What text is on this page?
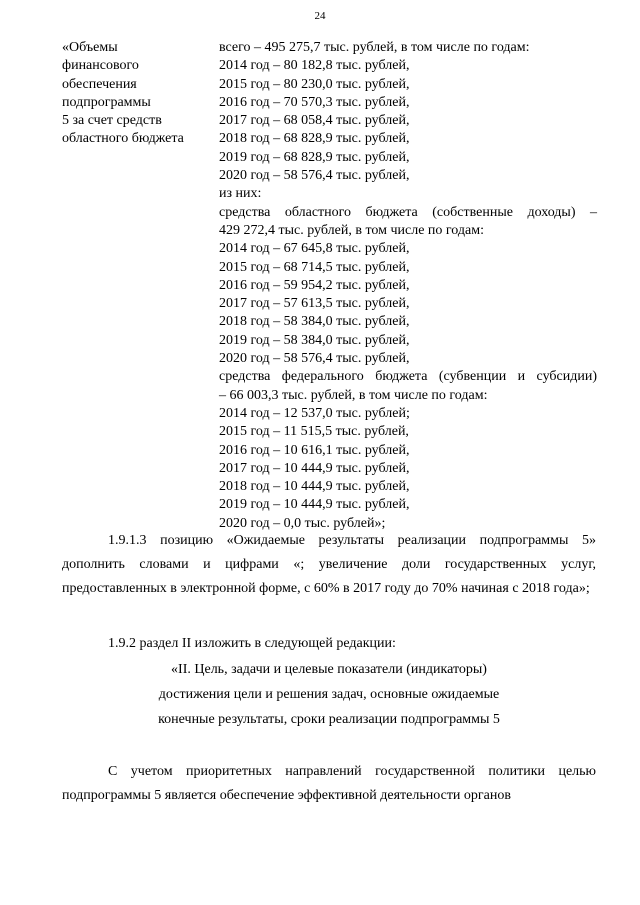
24
«Объемы
финансового
обеспечения
подпрограммы
5 за счет средств
областного бюджета
всего – 495 275,7 тыс. рублей, в том числе по годам:
2014 год – 80 182,8 тыс. рублей,
2015 год – 80 230,0 тыс. рублей,
2016 год – 70 570,3 тыс. рублей,
2017 год – 68 058,4 тыс. рублей,
2018 год – 68 828,9 тыс. рублей,
2019 год – 68 828,9 тыс. рублей,
2020 год – 58 576,4 тыс. рублей,
из них:
средства областного бюджета (собственные доходы) –
429 272,4 тыс. рублей, в том числе по годам:
2014 год – 67 645,8 тыс. рублей,
2015 год – 68 714,5 тыс. рублей,
2016 год – 59 954,2 тыс. рублей,
2017 год – 57 613,5 тыс. рублей,
2018 год – 58 384,0 тыс. рублей,
2019 год – 58 384,0 тыс. рублей,
2020 год – 58 576,4 тыс. рублей,
средства федерального бюджета (субвенции и субсидии)
– 66 003,3 тыс. рублей, в том числе по годам:
2014 год – 12 537,0 тыс. рублей;
2015 год – 11 515,5 тыс. рублей,
2016 год – 10 616,1 тыс. рублей,
2017 год – 10 444,9 тыс. рублей,
2018 год – 10 444,9 тыс. рублей,
2019 год – 10 444,9 тыс. рублей,
2020 год – 0,0 тыс. рублей»;
1.9.1.3 позицию «Ожидаемые результаты реализации подпрограммы 5» дополнить словами и цифрами «; увеличение доли государственных услуг, предоставленных в электронной форме, с 60% в 2017 году до 70% начиная с 2018 года»;
1.9.2 раздел II изложить в следующей редакции:
«II. Цель, задачи и целевые показатели (индикаторы)
достижения цели и решения задач, основные ожидаемые
конечные результаты, сроки реализации подпрограммы 5
С учетом приоритетных направлений государственной политики целью подпрограммы 5 является обеспечение эффективной деятельности органов
